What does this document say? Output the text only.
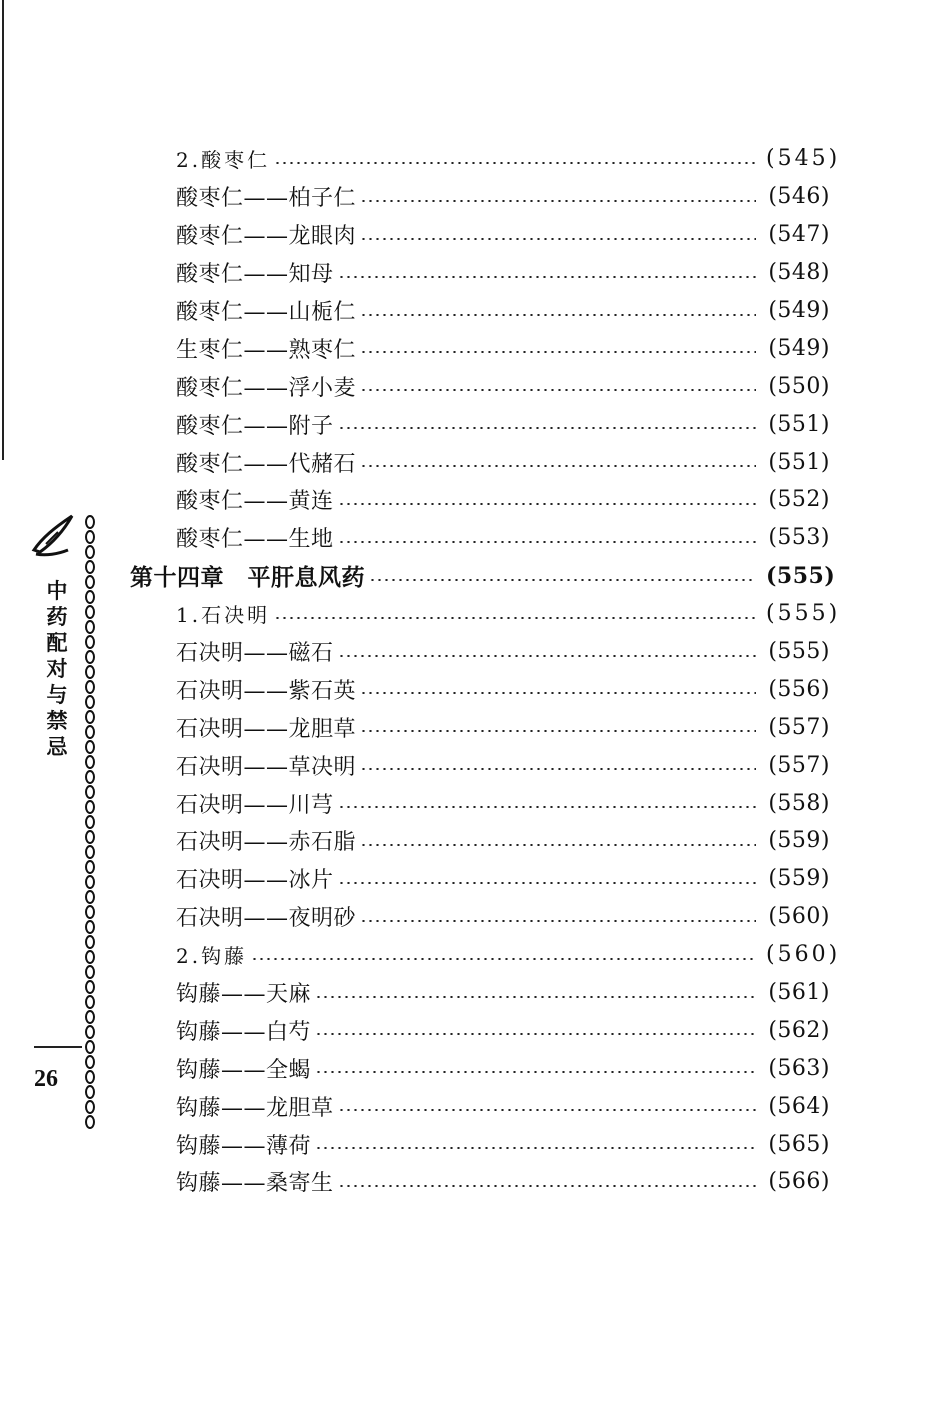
2.酸枣仁	(545)
酸枣仁——柏子仁	(546)
酸枣仁——龙眼肉	(547)
酸枣仁——知母	(548)
酸枣仁——山栀仁	(549)
生枣仁——熟枣仁	(549)
酸枣仁——浮小麦	(550)
酸枣仁——附子	(551)
酸枣仁——代赭石	(551)
酸枣仁——黄连	(552)
酸枣仁——生地	(553)
第十四章　平肝息风药	(555)
1.石决明	(555)
石决明——磁石	(555)
石决明——紫石英	(556)
石决明——龙胆草	(557)
石决明——草决明	(557)
石决明——川芎	(558)
石决明——赤石脂	(559)
石决明——冰片	(559)
石决明——夜明砂	(560)
2.钩藤	(560)
钩藤——天麻	(561)
钩藤——白芍	(562)
钩藤——全蝎	(563)
钩藤——龙胆草	(564)
钩藤——薄荷	(565)
钩藤——桑寄生	(566)
中药配对与禁忌
26
